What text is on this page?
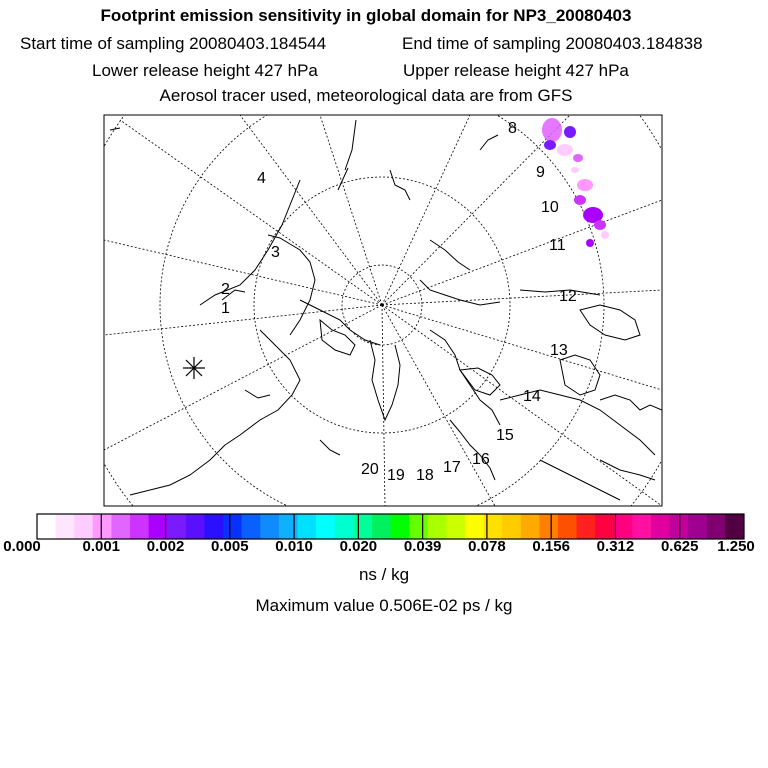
Footprint emission sensitivity in global domain for NP3_20080403
Start time of sampling 20080403.184544	End time of sampling 20080403.184838
Lower release height 427 hPa	Upper release height 427 hPa
Aerosol tracer used, meteorological data are from GFS
8
9
10
11
12
13
14
15
16
17
18
19
20
1
2
3
4
0.000	0.001 0.002 0.005 0.010 0.020 0.039 0.078 0.156 0.312 0.625 1.250
ns / kg
Maximum value 0.506E-02 ps / kg
